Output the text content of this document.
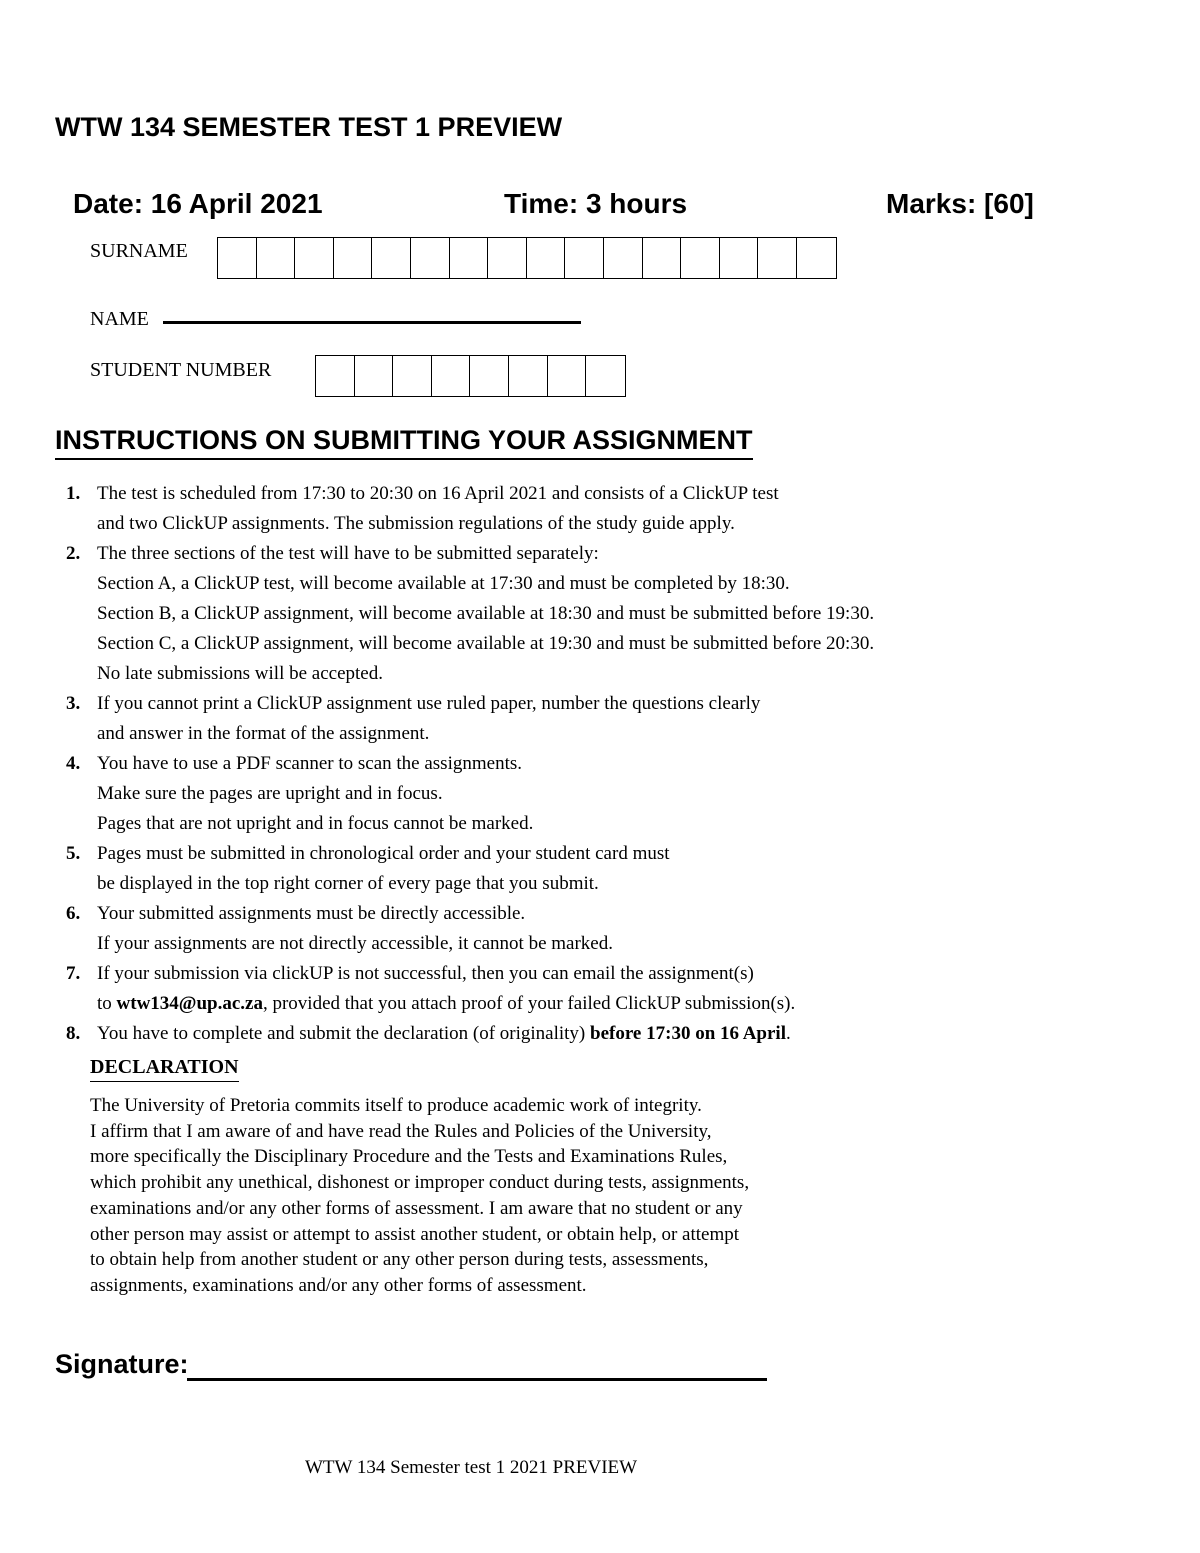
WTW 134 SEMESTER TEST 1 PREVIEW
Date: 16 April 2021	Time: 3 hours	Marks: [60]
SURNAME
NAME
STUDENT NUMBER
INSTRUCTIONS ON SUBMITTING YOUR ASSIGNMENT
1. The test is scheduled from 17:30 to 20:30 on 16 April 2021 and consists of a ClickUP test
and two ClickUP assignments. The submission regulations of the study guide apply.
2. The three sections of the test will have to be submitted separately:
Section A, a ClickUP test, will become available at 17:30 and must be completed by 18:30.
Section B, a ClickUP assignment, will become available at 18:30 and must be submitted before 19:30.
Section C, a ClickUP assignment, will become available at 19:30 and must be submitted before 20:30.
No late submissions will be accepted.
3. If you cannot print a ClickUP assignment use ruled paper, number the questions clearly
and answer in the format of the assignment.
4. You have to use a PDF scanner to scan the assignments.
Make sure the pages are upright and in focus.
Pages that are not upright and in focus cannot be marked.
5. Pages must be submitted in chronological order and your student card must
be displayed in the top right corner of every page that you submit.
6. Your submitted assignments must be directly accessible.
If your assignments are not directly accessible, it cannot be marked.
7. If your submission via clickUP is not successful, then you can email the assignment(s)
to wtw134@up.ac.za, provided that you attach proof of your failed ClickUP submission(s).
8. You have to complete and submit the declaration (of originality) before 17:30 on 16 April.
DECLARATION
The University of Pretoria commits itself to produce academic work of integrity.
I affirm that I am aware of and have read the Rules and Policies of the University,
more specifically the Disciplinary Procedure and the Tests and Examinations Rules,
which prohibit any unethical, dishonest or improper conduct during tests, assignments,
examinations and/or any other forms of assessment. I am aware that no student or any
other person may assist or attempt to assist another student, or obtain help, or attempt
to obtain help from another student or any other person during tests, assessments,
assignments, examinations and/or any other forms of assessment.
Signature:
WTW 134 Semester test 1 2021 PREVIEW
